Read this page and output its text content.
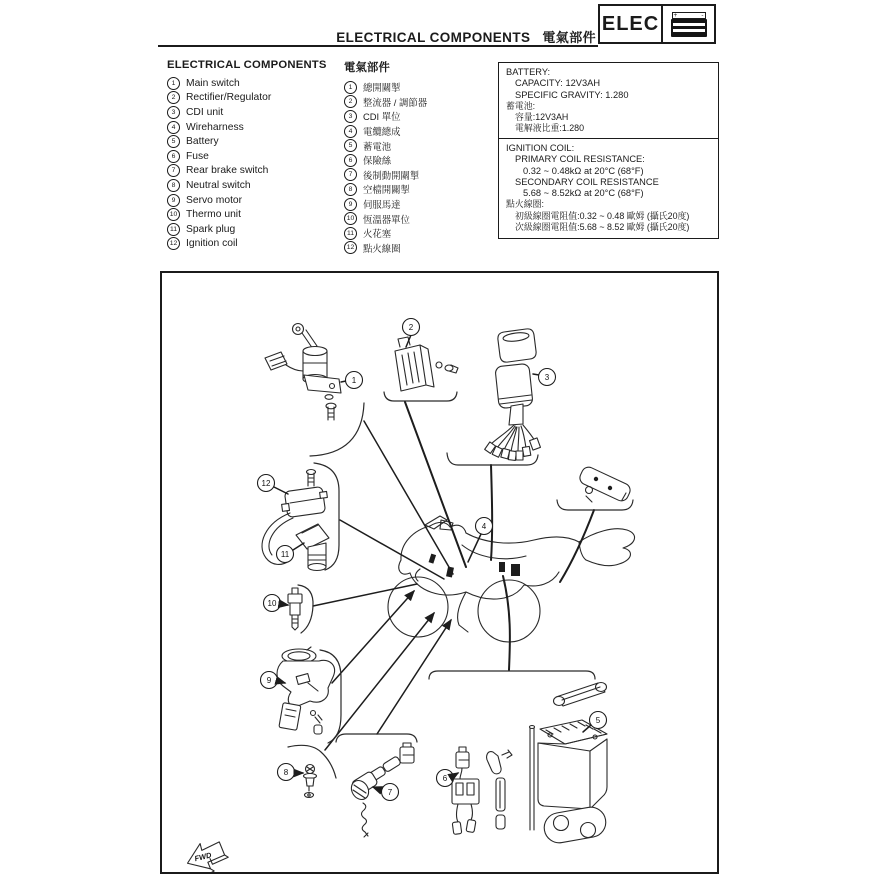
ELECTRICAL COMPONENTS 電氣部件
ELEC	+	-

ELECTRICAL COMPONENTS

1	Main switch
2	Rectifier/Regulator
3	CDI unit
4	Wireharness
5	Battery
6	Fuse
7	Rear brake switch
8	Neutral switch
9	Servo motor
10 Thermo unit
11 Spark plug
12 Ignition coil

電氣部件

1	總開關掣
2	整流器 / 調節器
3	CDI 單位
4	電纜總成
5	蓄電池
6	保險絲
7	後制動開關掣
8	空檔開關掣
9	伺服馬達
10 恆溫器單位
11 火花塞
12 點火線圈
BATTERY:
CAPACITY: 12V3AH
SPECIFIC GRAVITY: 1.280
蓄電池:
容量:12V3AH
電解液比重:1.280
IGNITION COIL:
PRIMARY COIL RESISTANCE:
0.32 ~ 0.48kΩ at 20°C (68°F)
SECONDARY COIL RESISTANCE
5.68 ~ 8.52kΩ at 20°C (68°F)
點火線圈:
初級線圈電阻值:0.32 ~ 0.48 歐姆 (攝氏20度)
次級線圈電阻值:5.68 ~ 8.52 歐姆 (攝氏20度)
FWD
1
2
3
4
5
6
7
8
9
10
11
12
